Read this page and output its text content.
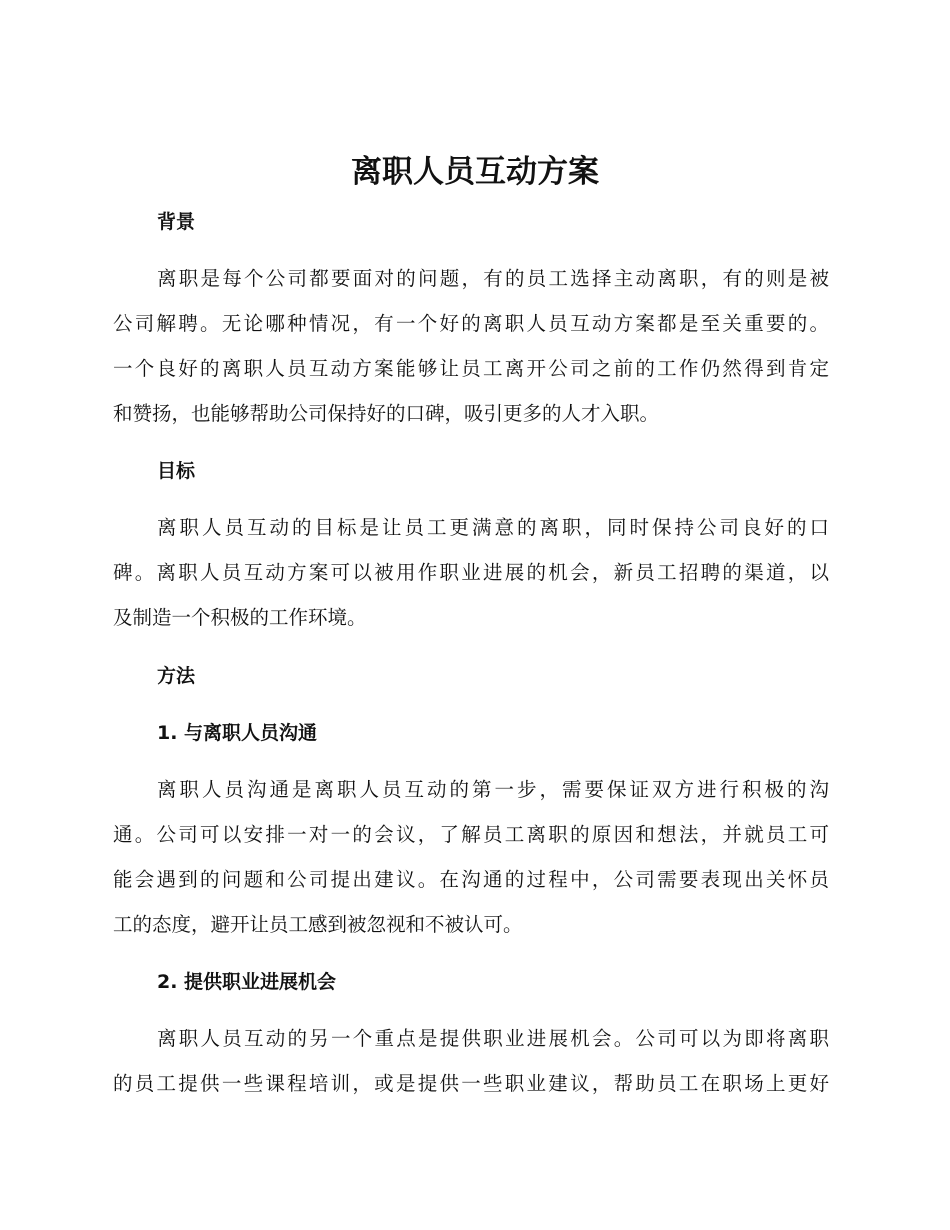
离职人员互动方案
背景
离职是每个公司都要面对的问题，有的员工选择主动离职，有的则是被
公司解聘。无论哪种情况，有一个好的离职人员互动方案都是至关重要的。
一个良好的离职人员互动方案能够让员工离开公司之前的工作仍然得到肯定
和赞扬，也能够帮助公司保持好的口碑，吸引更多的人才入职。
目标
离职人员互动的目标是让员工更满意的离职，同时保持公司良好的口
碑。离职人员互动方案可以被用作职业进展的机会，新员工招聘的渠道，以
及制造一个积极的工作环境。
方法
1. 与离职人员沟通
离职人员沟通是离职人员互动的第一步，需要保证双方进行积极的沟
通。公司可以安排一对一的会议，了解员工离职的原因和想法，并就员工可
能会遇到的问题和公司提出建议。在沟通的过程中，公司需要表现出关怀员
工的态度，避开让员工感到被忽视和不被认可。
2. 提供职业进展机会
离职人员互动的另一个重点是提供职业进展机会。公司可以为即将离职
的员工提供一些课程培训，或是提供一些职业建议，帮助员工在职场上更好
